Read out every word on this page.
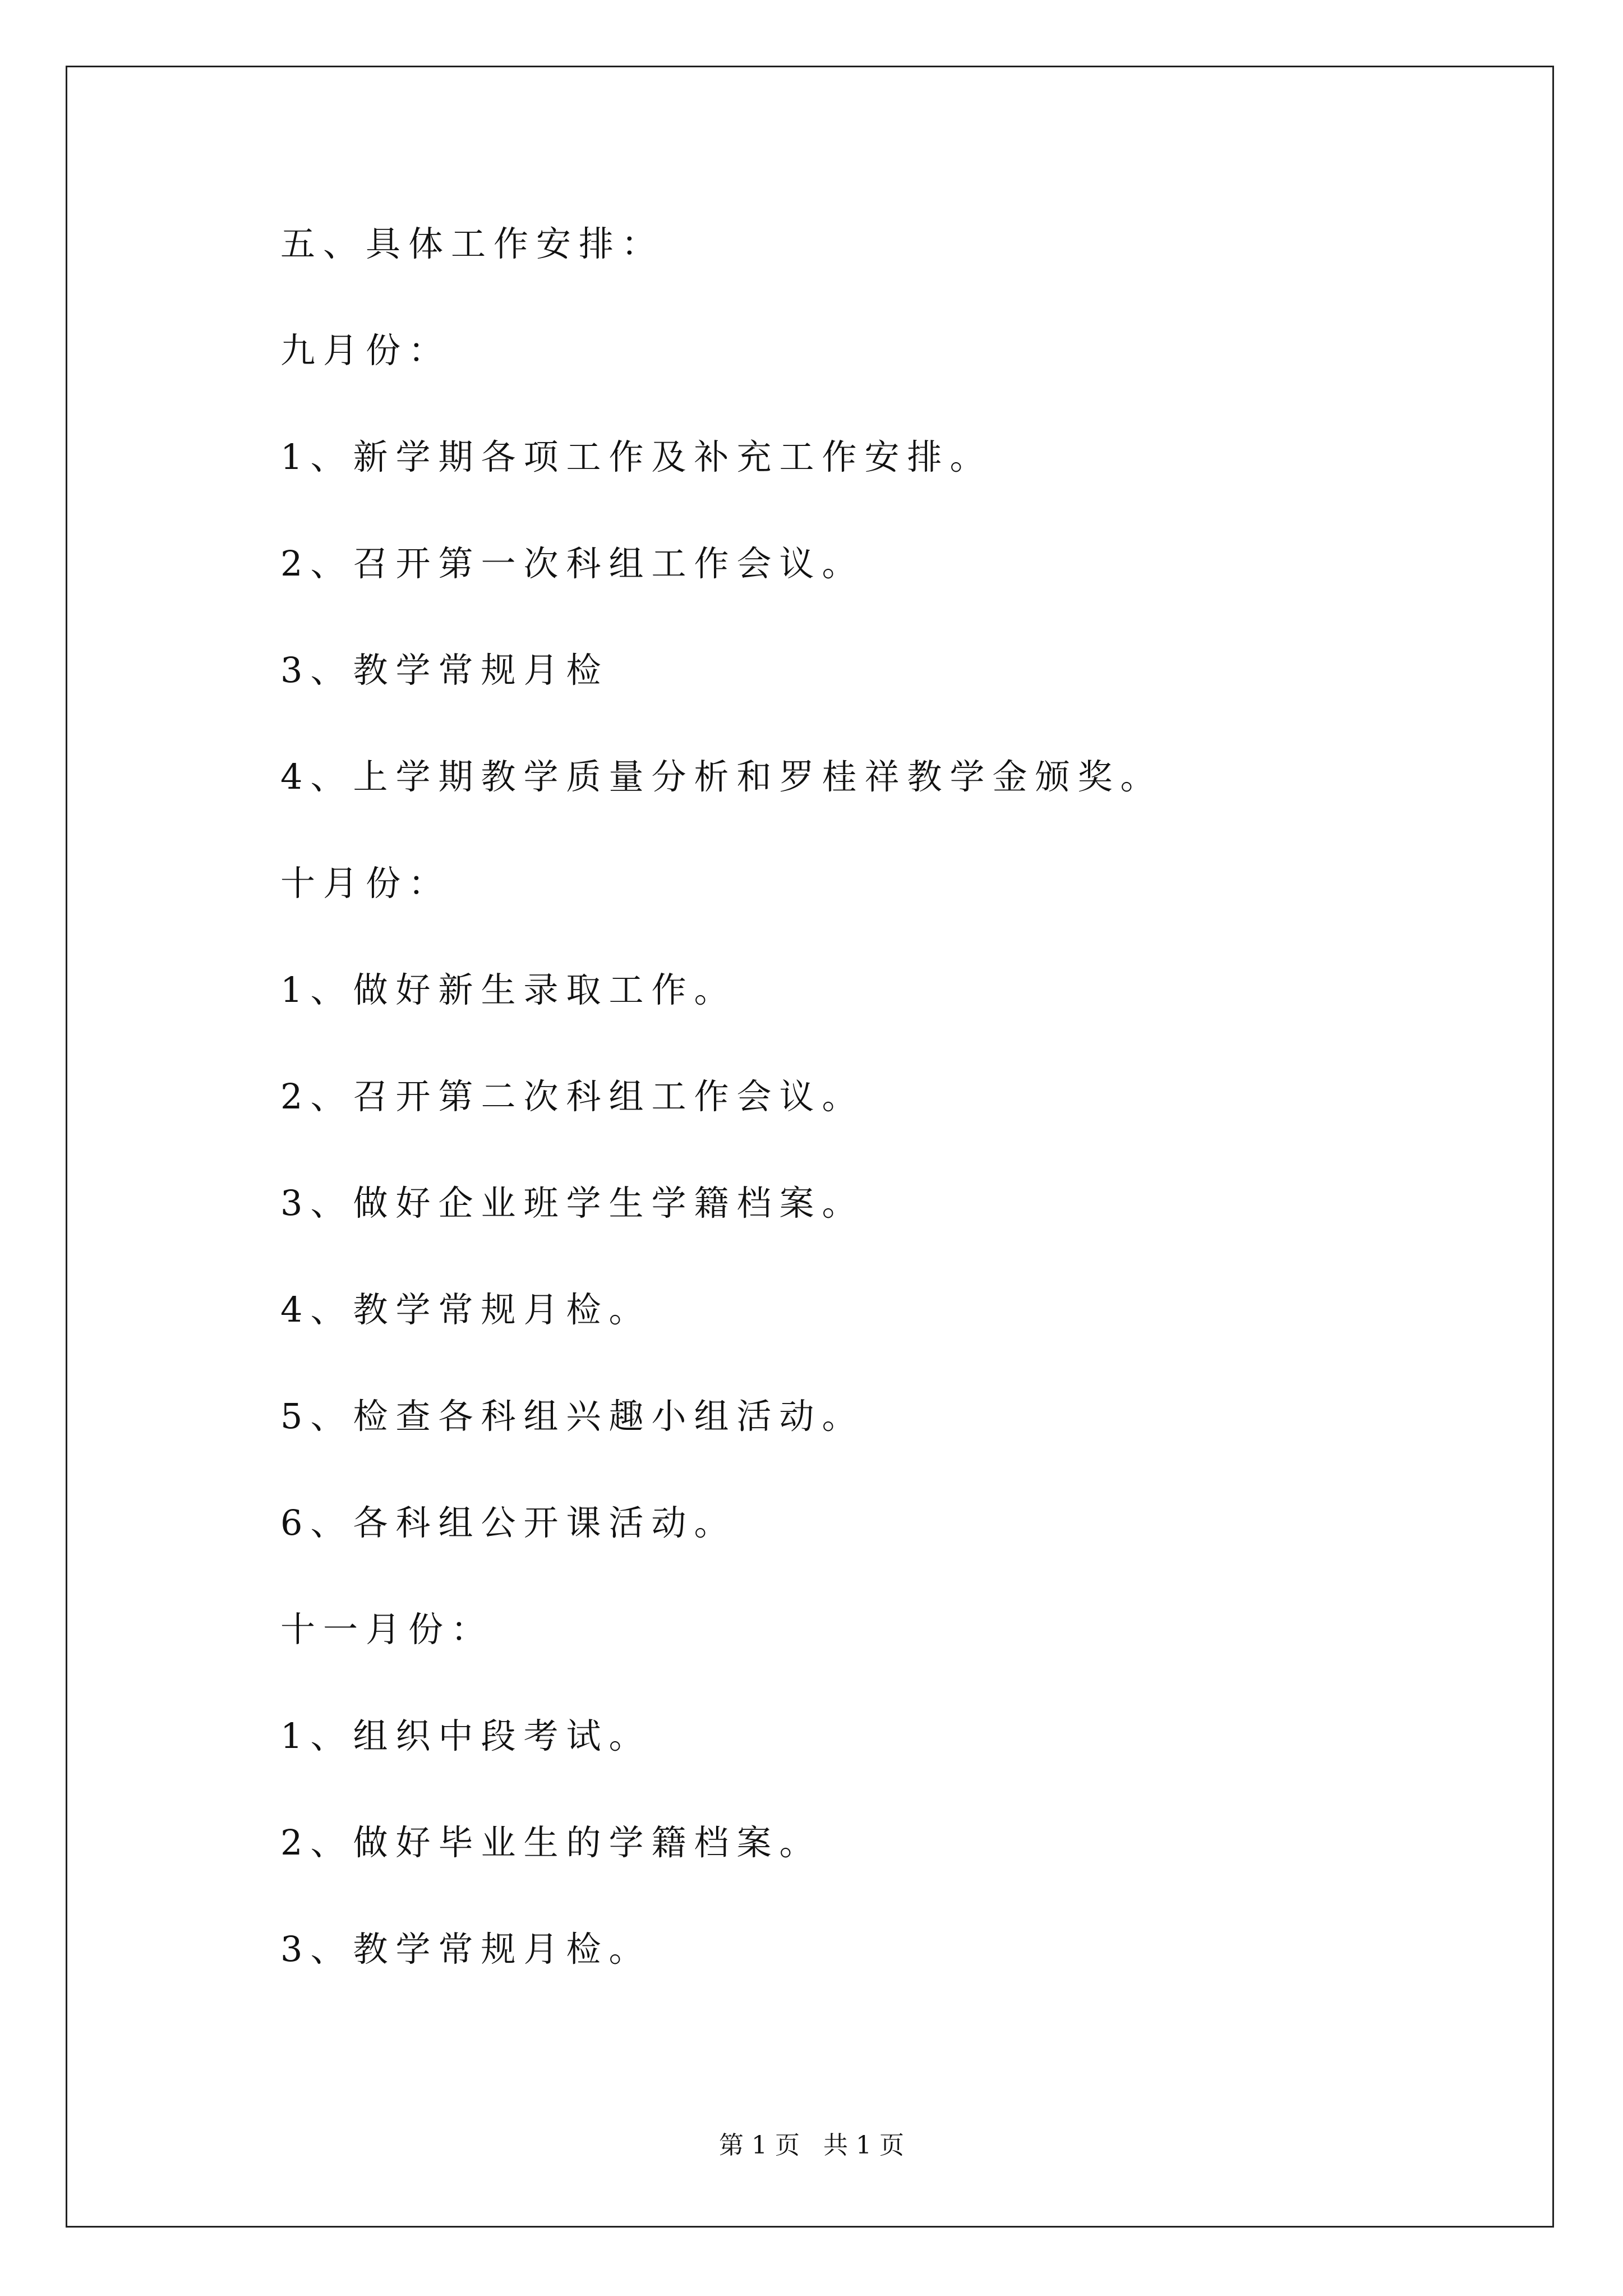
五、具体工作安排：
九月份：
1、新学期各项工作及补充工作安排。
2、召开第一次科组工作会议。
3、教学常规月检
4、上学期教学质量分析和罗桂祥教学金颁奖。
十月份：
1、做好新生录取工作。
2、召开第二次科组工作会议。
3、做好企业班学生学籍档案。
4、教学常规月检。
5、检查各科组兴趣小组活动。
6、各科组公开课活动。
十一月份：
1、组织中段考试。
2、做好毕业生的学籍档案。
3、教学常规月检。
第 1 页 共 1 页
